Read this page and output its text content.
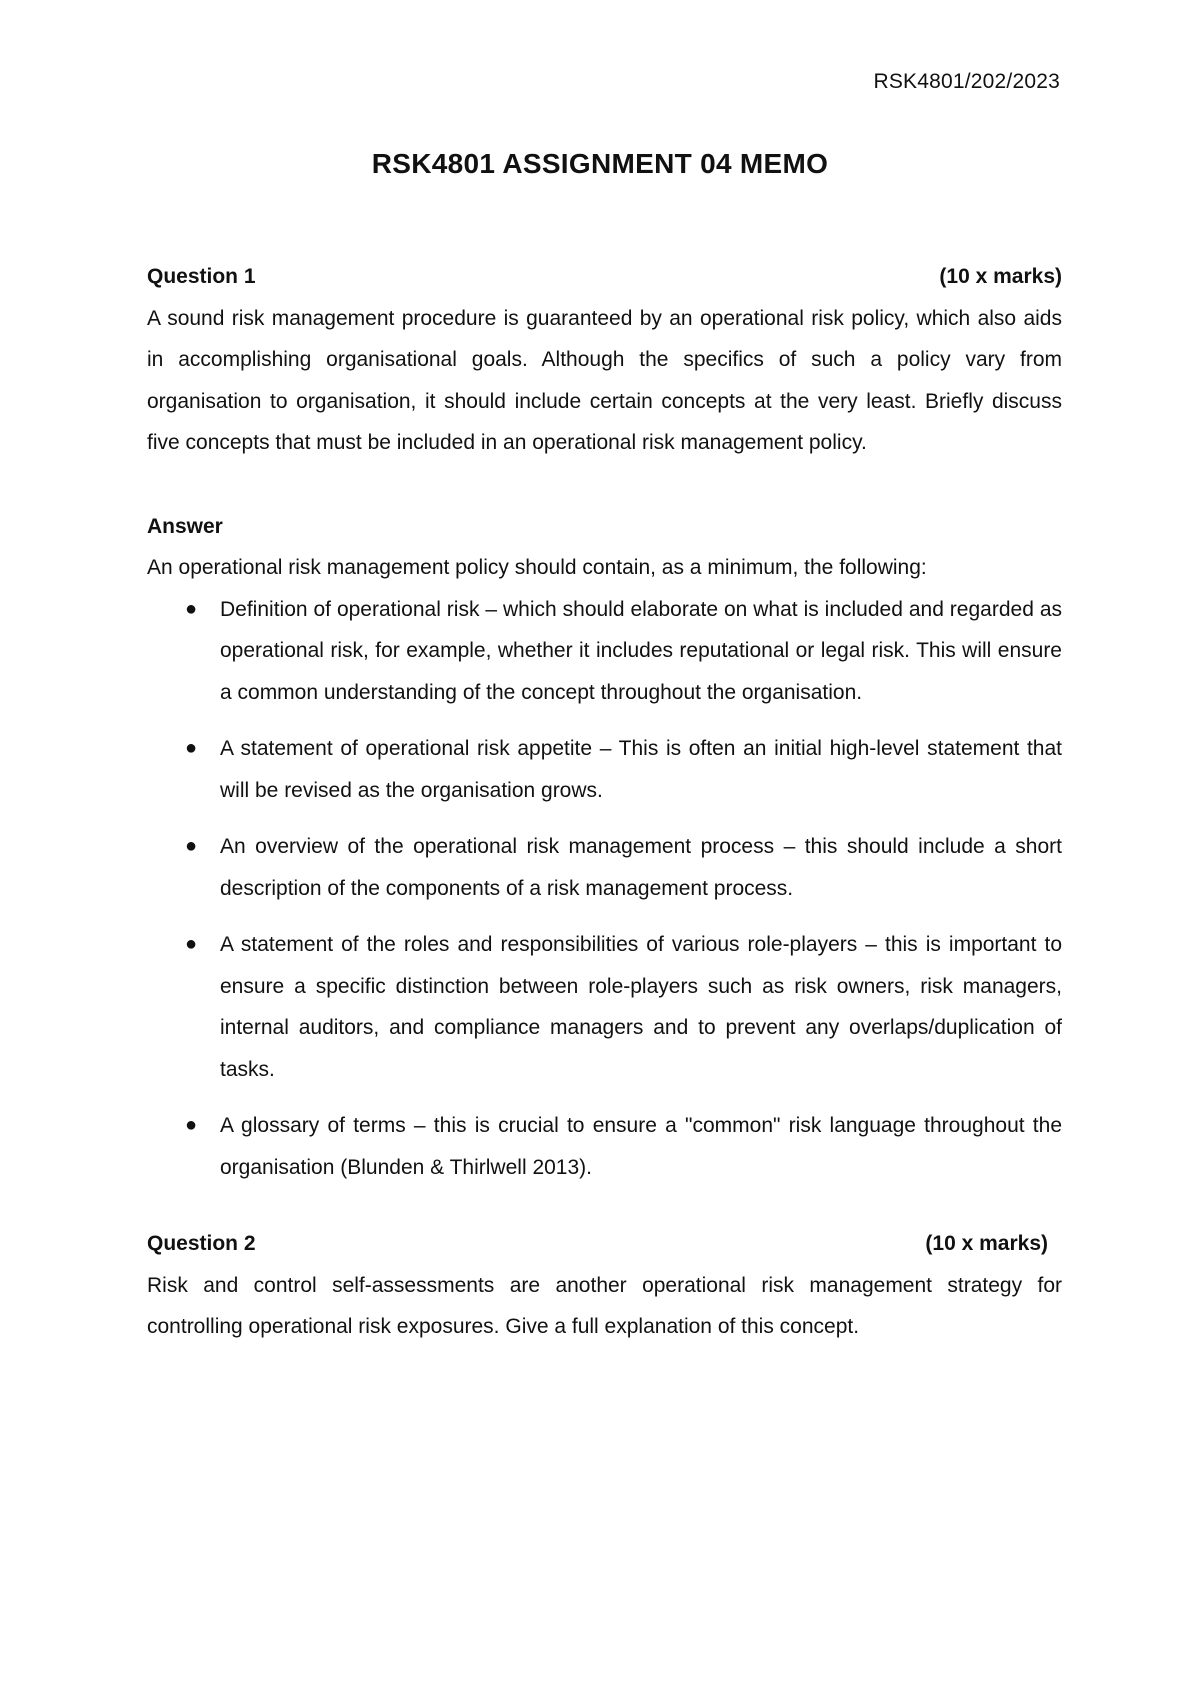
RSK4801/202/2023
RSK4801 ASSIGNMENT 04 MEMO
Question 1	(10 x marks)

A sound risk management procedure is guaranteed by an operational risk policy, which also aids in accomplishing organisational goals. Although the specifics of such a policy vary from organisation to organisation, it should include certain concepts at the very least. Briefly discuss five concepts that must be included in an operational risk management policy.

Answer

An operational risk management policy should contain, as a minimum, the following:

● Definition of operational risk – which should elaborate on what is included and regarded as operational risk, for example, whether it includes reputational or legal risk. This will ensure a common understanding of the concept throughout the organisation.
● A statement of operational risk appetite – This is often an initial high-level statement that will be revised as the organisation grows.
● An overview of the operational risk management process – this should include a short description of the components of a risk management process.
● A statement of the roles and responsibilities of various role-players – this is important to ensure a specific distinction between role-players such as risk owners, risk managers, internal auditors, and compliance managers and to prevent any overlaps/duplication of tasks.
● A glossary of terms – this is crucial to ensure a "common" risk language throughout the organisation (Blunden & Thirlwell 2013).
Question 2	(10 x marks)

Risk and control self-assessments are another operational risk management strategy for controlling operational risk exposures. Give a full explanation of this concept.
